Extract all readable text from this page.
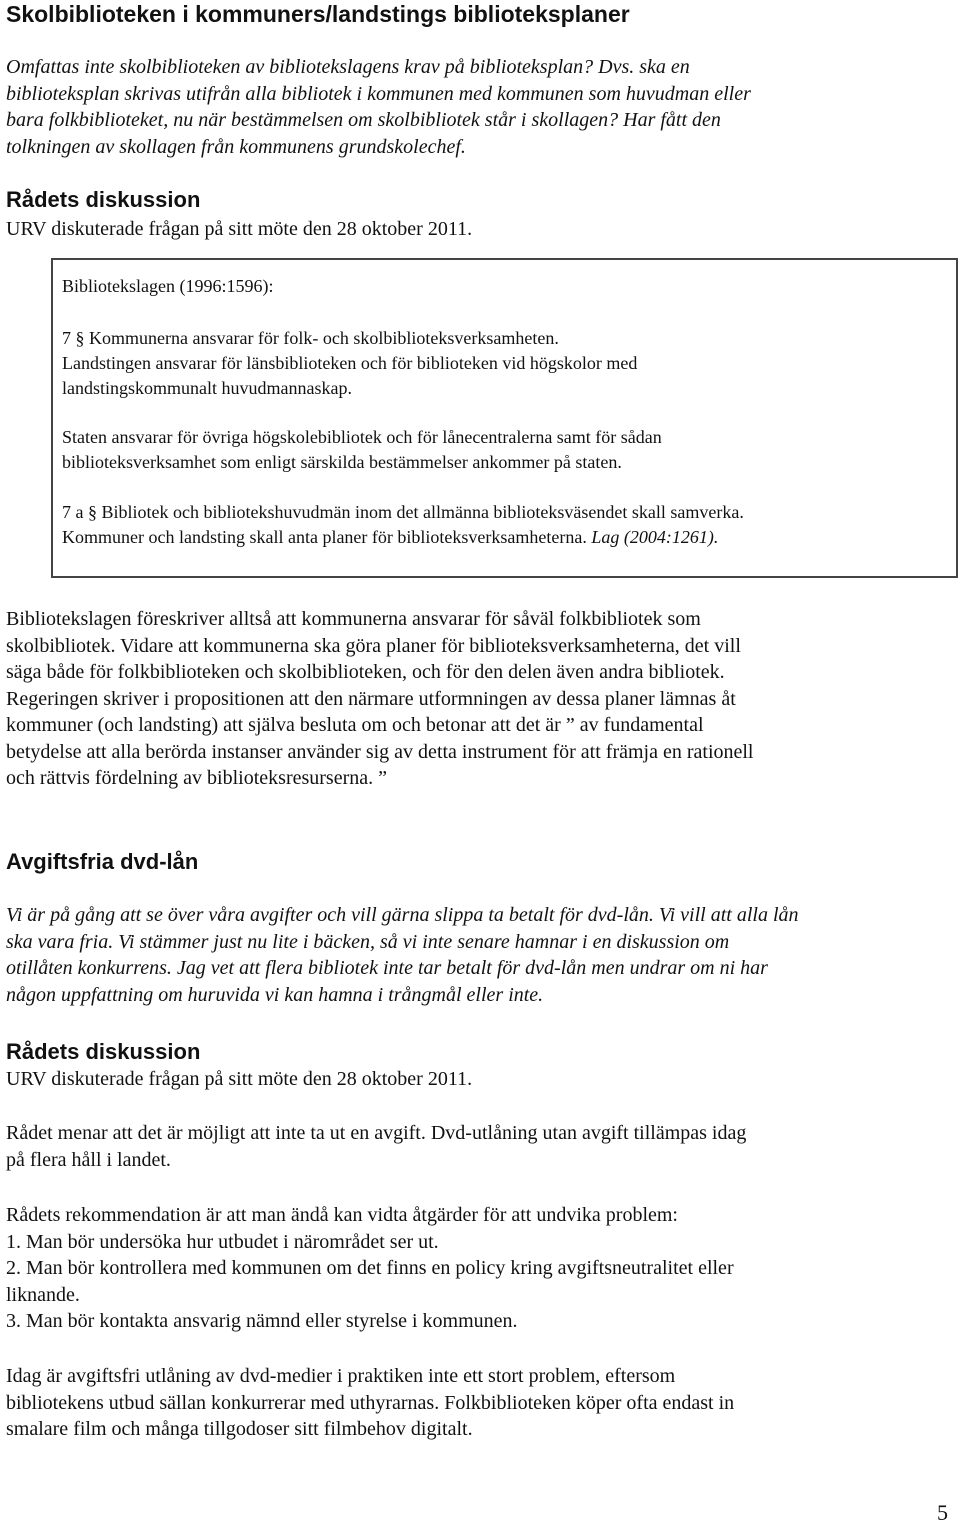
Skolbiblioteken i kommuners/landstings biblioteksplaner

Omfattas inte skolbiblioteken av bibliotekslagens krav på biblioteksplan? Dvs. ska en

biblioteksplan skrivas utifrån alla bibliotek i kommunen med kommunen som huvudman eller

bara folkbiblioteket, nu när bestämmelsen om skolbibliotek står i skollagen? Har fått den

tolkningen av skollagen från kommunens grundskolechef.

Rådets diskussion

URV diskuterade frågan på sitt möte den 28 oktober 2011.

Bibliotekslagen (1996:1596):

7 § Kommunerna ansvarar för folk- och skolbiblioteksverksamheten.

Landstingen ansvarar för länsbiblioteken och för biblioteken vid högskolor med

landstingskommunalt huvudmannaskap.

Staten ansvarar för övriga högskolebibliotek och för lånecentralerna samt för sådan

biblioteksverksamhet som enligt särskilda bestämmelser ankommer på staten.

7 a § Bibliotek och bibliotekshuvudmän inom det allmänna biblioteksväsendet skall samverka.

Kommuner och landsting skall anta planer för biblioteksverksamheterna. Lag (2004:1261).

Bibliotekslagen föreskriver alltså att kommunerna ansvarar för såväl folkbibliotek som

skolbibliotek. Vidare att kommunerna ska göra planer för biblioteksverksamheterna, det vill

säga både för folkbiblioteken och skolbiblioteken, och för den delen även andra bibliotek.

Regeringen skriver i propositionen att den närmare utformningen av dessa planer lämnas åt

kommuner (och landsting) att själva besluta om och betonar att det är ” av fundamental

betydelse att alla berörda instanser använder sig av detta instrument för att främja en rationell

och rättvis fördelning av biblioteksresurserna. ”

Avgiftsfria dvd-lån

Vi är på gång att se över våra avgifter och vill gärna slippa ta betalt för dvd-lån. Vi vill att alla lån

ska vara fria. Vi stämmer just nu lite i bäcken, så vi inte senare hamnar i en diskussion om

otillåten konkurrens. Jag vet att flera bibliotek inte tar betalt för dvd-lån men undrar om ni har

någon uppfattning om huruvida vi kan hamna i trångmål eller inte.

Rådets diskussion

URV diskuterade frågan på sitt möte den 28 oktober 2011.

Rådet menar att det är möjligt att inte ta ut en avgift. Dvd-utlåning utan avgift tillämpas idag

på flera håll i landet.

Rådets rekommendation är att man ändå kan vidta åtgärder för att undvika problem:

1. Man bör undersöka hur utbudet i närområdet ser ut.

2. Man bör kontrollera med kommunen om det finns en policy kring avgiftsneutralitet eller

liknande.

3. Man bör kontakta ansvarig nämnd eller styrelse i kommunen.

Idag är avgiftsfri utlåning av dvd-medier i praktiken inte ett stort problem, eftersom

bibliotekens utbud sällan konkurrerar med uthyrarnas. Folkbiblioteken köper ofta endast in

smalare film och många tillgodoser sitt filmbehov digitalt.

5
